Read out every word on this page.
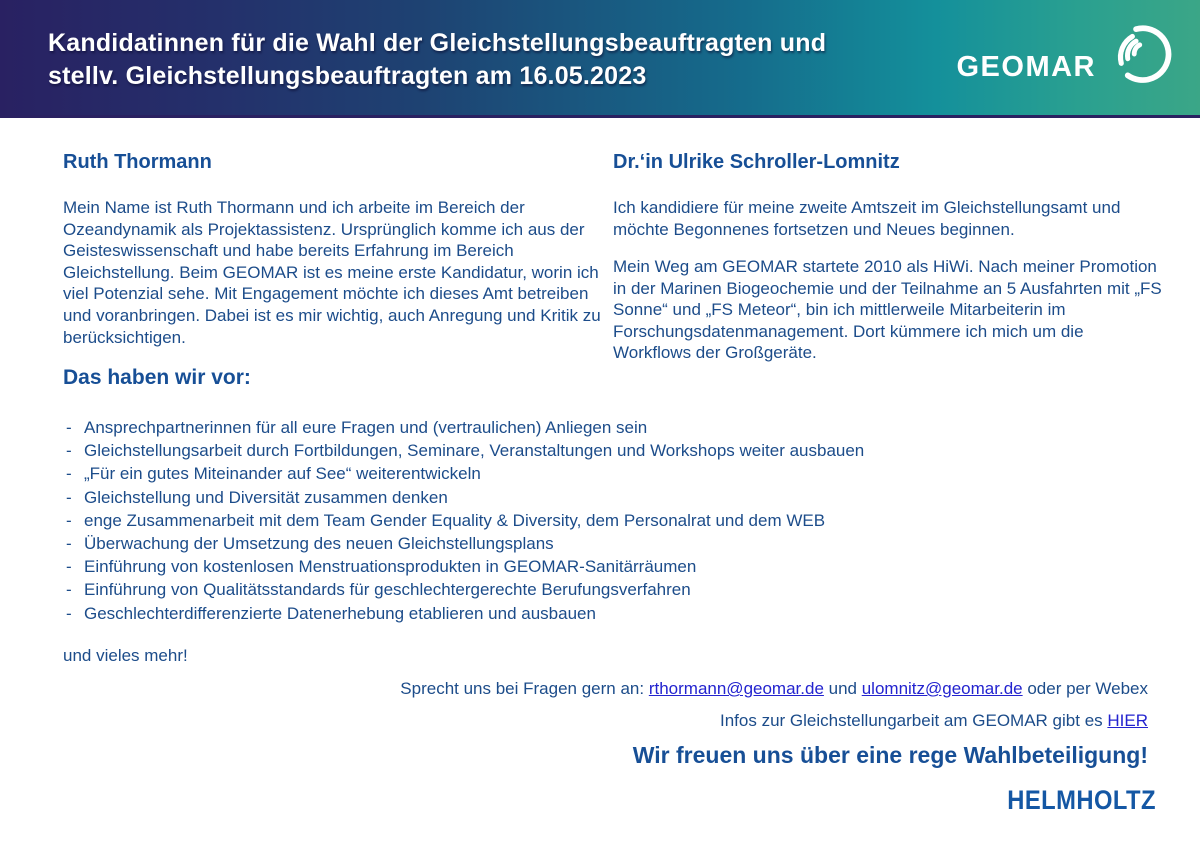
Kandidatinnen für die Wahl der Gleichstellungsbeauftragten und
stellv. Gleichstellungsbeauftragten am 16.05.2023	GEOMAR
Ruth Thormann

Mein Name ist Ruth Thormann und ich arbeite im Bereich der Ozeandynamik als Projektassistenz. Ursprünglich komme ich aus der Geisteswissenschaft und habe bereits Erfahrung im Bereich Gleichstellung. Beim GEOMAR ist es meine erste Kandidatur, worin ich viel Potenzial sehe. Mit Engagement möchte ich dieses Amt betreiben und voranbringen. Dabei ist es mir wichtig, auch Anregung und Kritik zu berücksichtigen.

Dr.‘in Ulrike Schroller-Lomnitz

Ich kandidiere für meine zweite Amtszeit im Gleichstellungsamt und möchte Begonnenes fortsetzen und Neues beginnen.

Mein Weg am GEOMAR startete 2010 als HiWi. Nach meiner Promotion in der Marinen Biogeochemie und der Teilnahme an 5 Ausfahrten mit „FS Sonne“ und „FS Meteor“, bin ich mittlerweile Mitarbeiterin im Forschungsdatenmanagement. Dort kümmere ich mich um die Workflows der Großgeräte.

Das haben wir vor:
- Ansprechpartnerinnen für all eure Fragen und (vertraulichen) Anliegen sein
- Gleichstellungsarbeit durch Fortbildungen, Seminare, Veranstaltungen und Workshops weiter ausbauen
- „Für ein gutes Miteinander auf See“ weiterentwickeln
- Gleichstellung und Diversität zusammen denken
- enge Zusammenarbeit mit dem Team Gender Equality & Diversity, dem Personalrat und dem WEB
- Überwachung der Umsetzung des neuen Gleichstellungsplans
- Einführung von kostenlosen Menstruationsprodukten in GEOMAR-Sanitärräumen
- Einführung von Qualitätsstandards für geschlechtergerechte Berufungsverfahren
- Geschlechterdifferenzierte Datenerhebung etablieren und ausbauen

und vieles mehr!

Sprecht uns bei Fragen gern an: rthormann@geomar.de und ulomnitz@geomar.de oder per Webex

Infos zur Gleichstellungarbeit am GEOMAR gibt es HIER

Wir freuen uns über eine rege Wahlbeteiligung!

HELMHOLTZ
